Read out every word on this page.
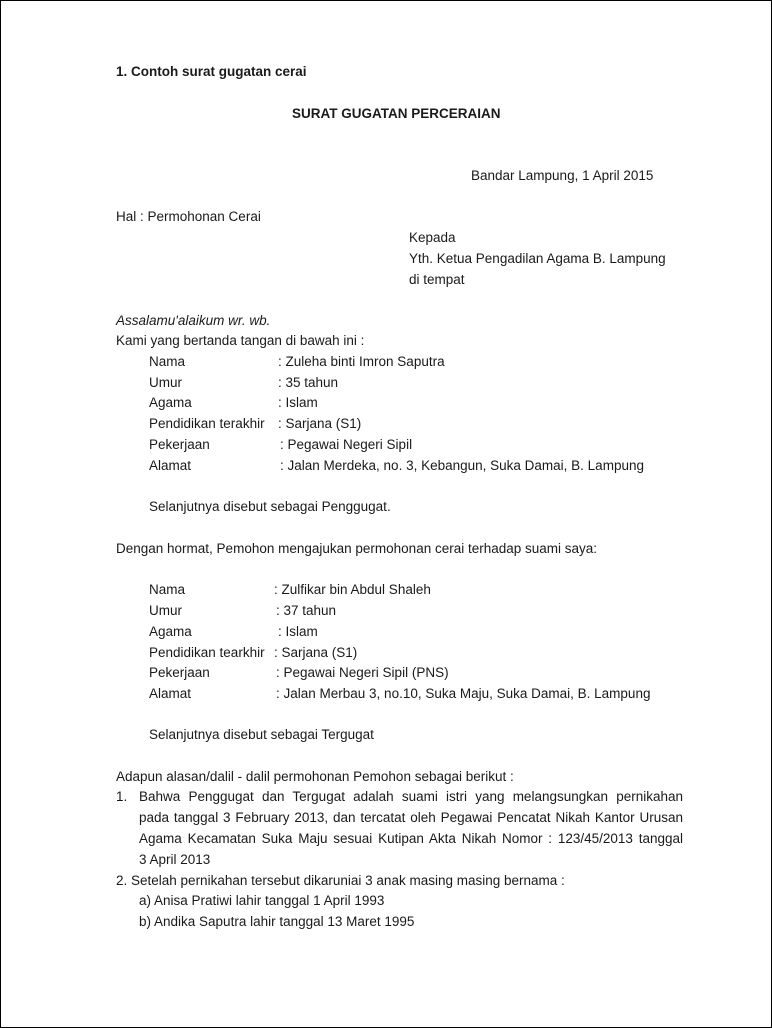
1. Contoh surat gugatan cerai
SURAT GUGATAN PERCERAIAN
Bandar Lampung, 1 April 2015
Hal : Permohonan Cerai
Kepada
Yth. Ketua Pengadilan Agama B. Lampung
di tempat
Assalamu'alaikum wr. wb.
Kami yang bertanda tangan di bawah ini :
Nama	: Zuleha binti Imron Saputra
Umur	: 35 tahun
Agama	: Islam
Pendidikan terakhir : Sarjana (S1)
Pekerjaan	: Pegawai Negeri Sipil
Alamat	: Jalan Merdeka, no. 3, Kebangun, Suka Damai, B. Lampung
Selanjutnya disebut sebagai Penggugat.
Dengan hormat, Pemohon mengajukan permohonan cerai terhadap suami saya:
Nama	: Zulfikar bin Abdul Shaleh
Umur	: 37 tahun
Agama	: Islam
Pendidikan tearkhir : Sarjana (S1)
Pekerjaan	: Pegawai Negeri Sipil (PNS)
Alamat	: Jalan Merbau 3, no.10, Suka Maju, Suka Damai, B. Lampung
Selanjutnya disebut sebagai Tergugat
Adapun alasan/dalil - dalil permohonan Pemohon sebagai berikut :
1. Bahwa Penggugat dan Tergugat adalah suami istri yang melangsungkan pernikahan
pada tanggal 3 February 2013, dan tercatat oleh Pegawai Pencatat Nikah Kantor Urusan
Agama Kecamatan Suka Maju sesuai Kutipan Akta Nikah Nomor : 123/45/2013 tanggal
3 April 2013
2. Setelah pernikahan tersebut dikaruniai 3 anak masing masing bernama :
a) Anisa Pratiwi lahir tanggal 1 April 1993
b) Andika Saputra lahir tanggal 13 Maret 1995
